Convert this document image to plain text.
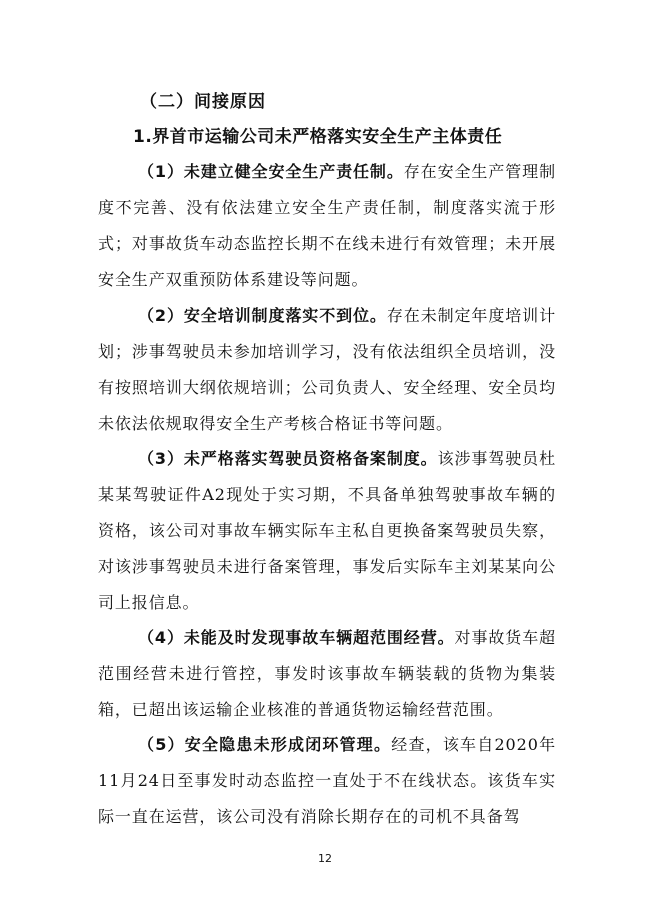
（二）间接原因
1.界首市运输公司未严格落实安全生产主体责任

（1）未建立健全安全生产责任制。存在安全生产管理制度不完善、没有依法建立安全生产责任制，制度落实流于形式；对事故货车动态监控长期不在线未进行有效管理；未开展安全生产双重预防体系建设等问题。

（2）安全培训制度落实不到位。存在未制定年度培训计划；涉事驾驶员未参加培训学习，没有依法组织全员培训，没有按照培训大纲依规培训；公司负责人、安全经理、安全员均未依法依规取得安全生产考核合格证书等问题。

（3）未严格落实驾驶员资格备案制度。该涉事驾驶员杜某某驾驶证件A2现处于实习期，不具备单独驾驶事故车辆的资格，该公司对事故车辆实际车主私自更换备案驾驶员失察，对该涉事驾驶员未进行备案管理，事发后实际车主刘某某向公司上报信息。

（4）未能及时发现事故车辆超范围经营。对事故货车超范围经营未进行管控，事发时该事故车辆装载的货物为集装箱，已超出该运输企业核准的普通货物运输经营范围。

（5）安全隐患未形成闭环管理。经查，该车自2020年11月24日至事发时动态监控一直处于不在线状态。该货车实际一直在运营，该公司没有消除长期存在的司机不具备驾

12
